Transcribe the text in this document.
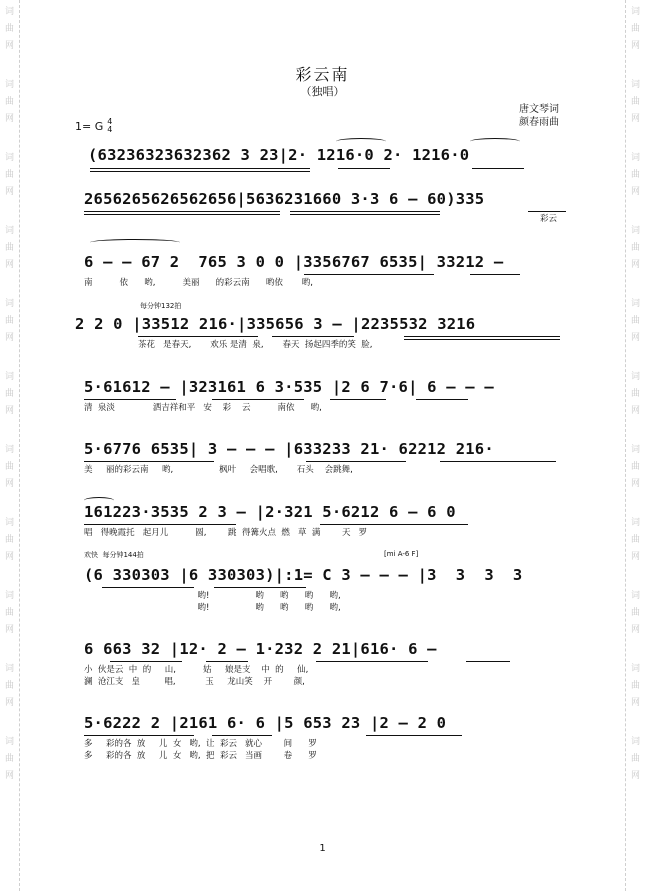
词
曲
网
词
曲
网
词
曲
网
词
曲
网
词
曲
网
词
曲
网
词
曲
网
词
曲
网
词
曲
网
词
曲
网
词
曲
网
词
曲
网
词
曲
网
词
曲
网
词
曲
网
词
曲
网
词
曲
网
词
曲
网
词
曲
网
词
曲
网
词
曲
网
词
曲
网
彩云南
（独唱）
1= G 4
4
唐文琴词
颜春雨曲
(63236323632362 3 23|2· 1216·0 2· 1216·0
2656265626562656|5636231660 3·3 6 — 60)335
彩云
6 — — 67 2  765 3 0 0 |3356767 6535| 33212 —
南          依      哟,          美丽      的彩云南      哟依       哟,
每分钟132拍
2 2 0 |33512 216·|335656 3 — |2235532 3216
茶花   是春天,       欢乐 是清  泉,       春天  扬起四季的笑  脸,
5·61612 — |323161 6 3·535 |2 6 7·6| 6 — — —
清  泉淡              洒吉祥和平   安    彩    云          南依      哟,
5·6776 6535| 3 — — — |633233 21· 62212 216·
美     丽的彩云南     哟,                 枫叶     会唱歌,       石头    会跳舞,
161223·3535 2 3 — |2·321 5·6212 6 — 6 0
唱   得晚霞托   起月儿          圆,        跳  得篝火点  燃   草  满        天   罗
欢快  每分钟144拍	[mi A-6 F]
(6 330303 |6 330303)|:1= C 3 — — — |3  3  3  3
哟!                 哟      哟      哟      哟,
哟!                 哟      哟      哟      哟,
6 663 32 |12· 2 — 1·232 2 21|616· 6 —
小  伙是云  中  的     山,          姑     娘是支    中  的     仙,
澜  沧江支   皇         唱,           玉     龙山笑    开        颜,
5·6222 2 |2161 6· 6 |5 653 23 |2 — 2 0
多     彩的各  放     儿  女   哟,  让  彩云   就心        间      罗
多     彩的各  放     儿  女   哟,  把  彩云   当画        卷      罗
1
